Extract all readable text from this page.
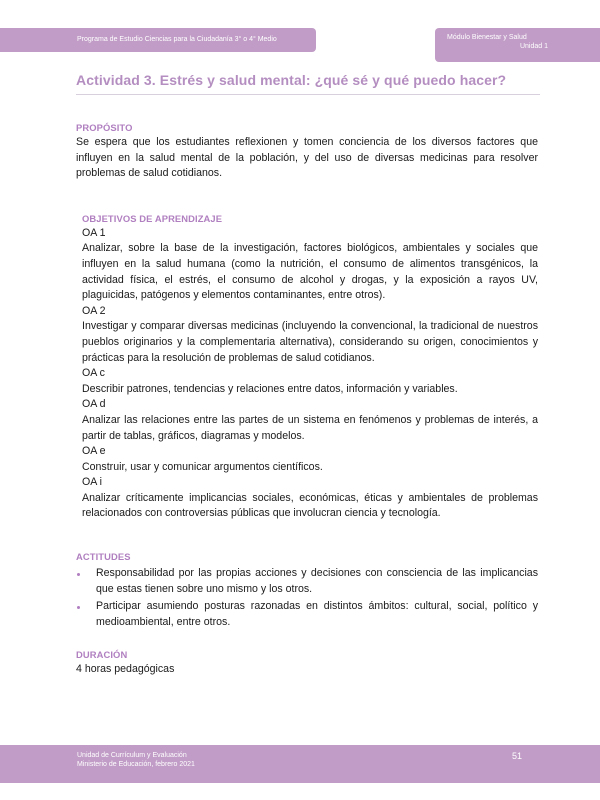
Programa de Estudio Ciencias para la Ciudadanía 3° o 4° Medio	Módulo Bienestar y Salud
Unidad 1
Actividad 3. Estrés y salud mental: ¿qué sé y qué puedo hacer?
PROPÓSITO

Se espera que los estudiantes reflexionen y tomen conciencia de los diversos factores que influyen en la salud mental de la población, y del uso de diversas medicinas para resolver problemas de salud cotidianos.

OBJETIVOS DE APRENDIZAJE

OA 1

Analizar, sobre la base de la investigación, factores biológicos, ambientales y sociales que influyen en la salud humana (como la nutrición, el consumo de alimentos transgénicos, la actividad física, el estrés, el consumo de alcohol y drogas, y la exposición a rayos UV, plaguicidas, patógenos y elementos contaminantes, entre otros).

OA 2

Investigar y comparar diversas medicinas (incluyendo la convencional, la tradicional de nuestros pueblos originarios y la complementaria alternativa), considerando su origen, conocimientos y prácticas para la resolución de problemas de salud cotidianos.

OA c

Describir patrones, tendencias y relaciones entre datos, información y variables.

OA d

Analizar las relaciones entre las partes de un sistema en fenómenos y problemas de interés, a partir de tablas, gráficos, diagramas y modelos.

OA e

Construir, usar y comunicar argumentos científicos.

OA i

Analizar críticamente implicancias sociales, económicas, éticas y ambientales de problemas relacionados con controversias públicas que involucran ciencia y tecnología.

ACTITUDES
Responsabilidad por las propias acciones y decisiones con consciencia de las implicancias que estas tienen sobre uno mismo y los otros.
Participar asumiendo posturas razonadas en distintos ámbitos: cultural, social, político y medioambiental, entre otros.
DURACIÓN

4 horas pedagógicas

Unidad de Currículum y Evaluación
Ministerio de Educación, febrero 2021
51
